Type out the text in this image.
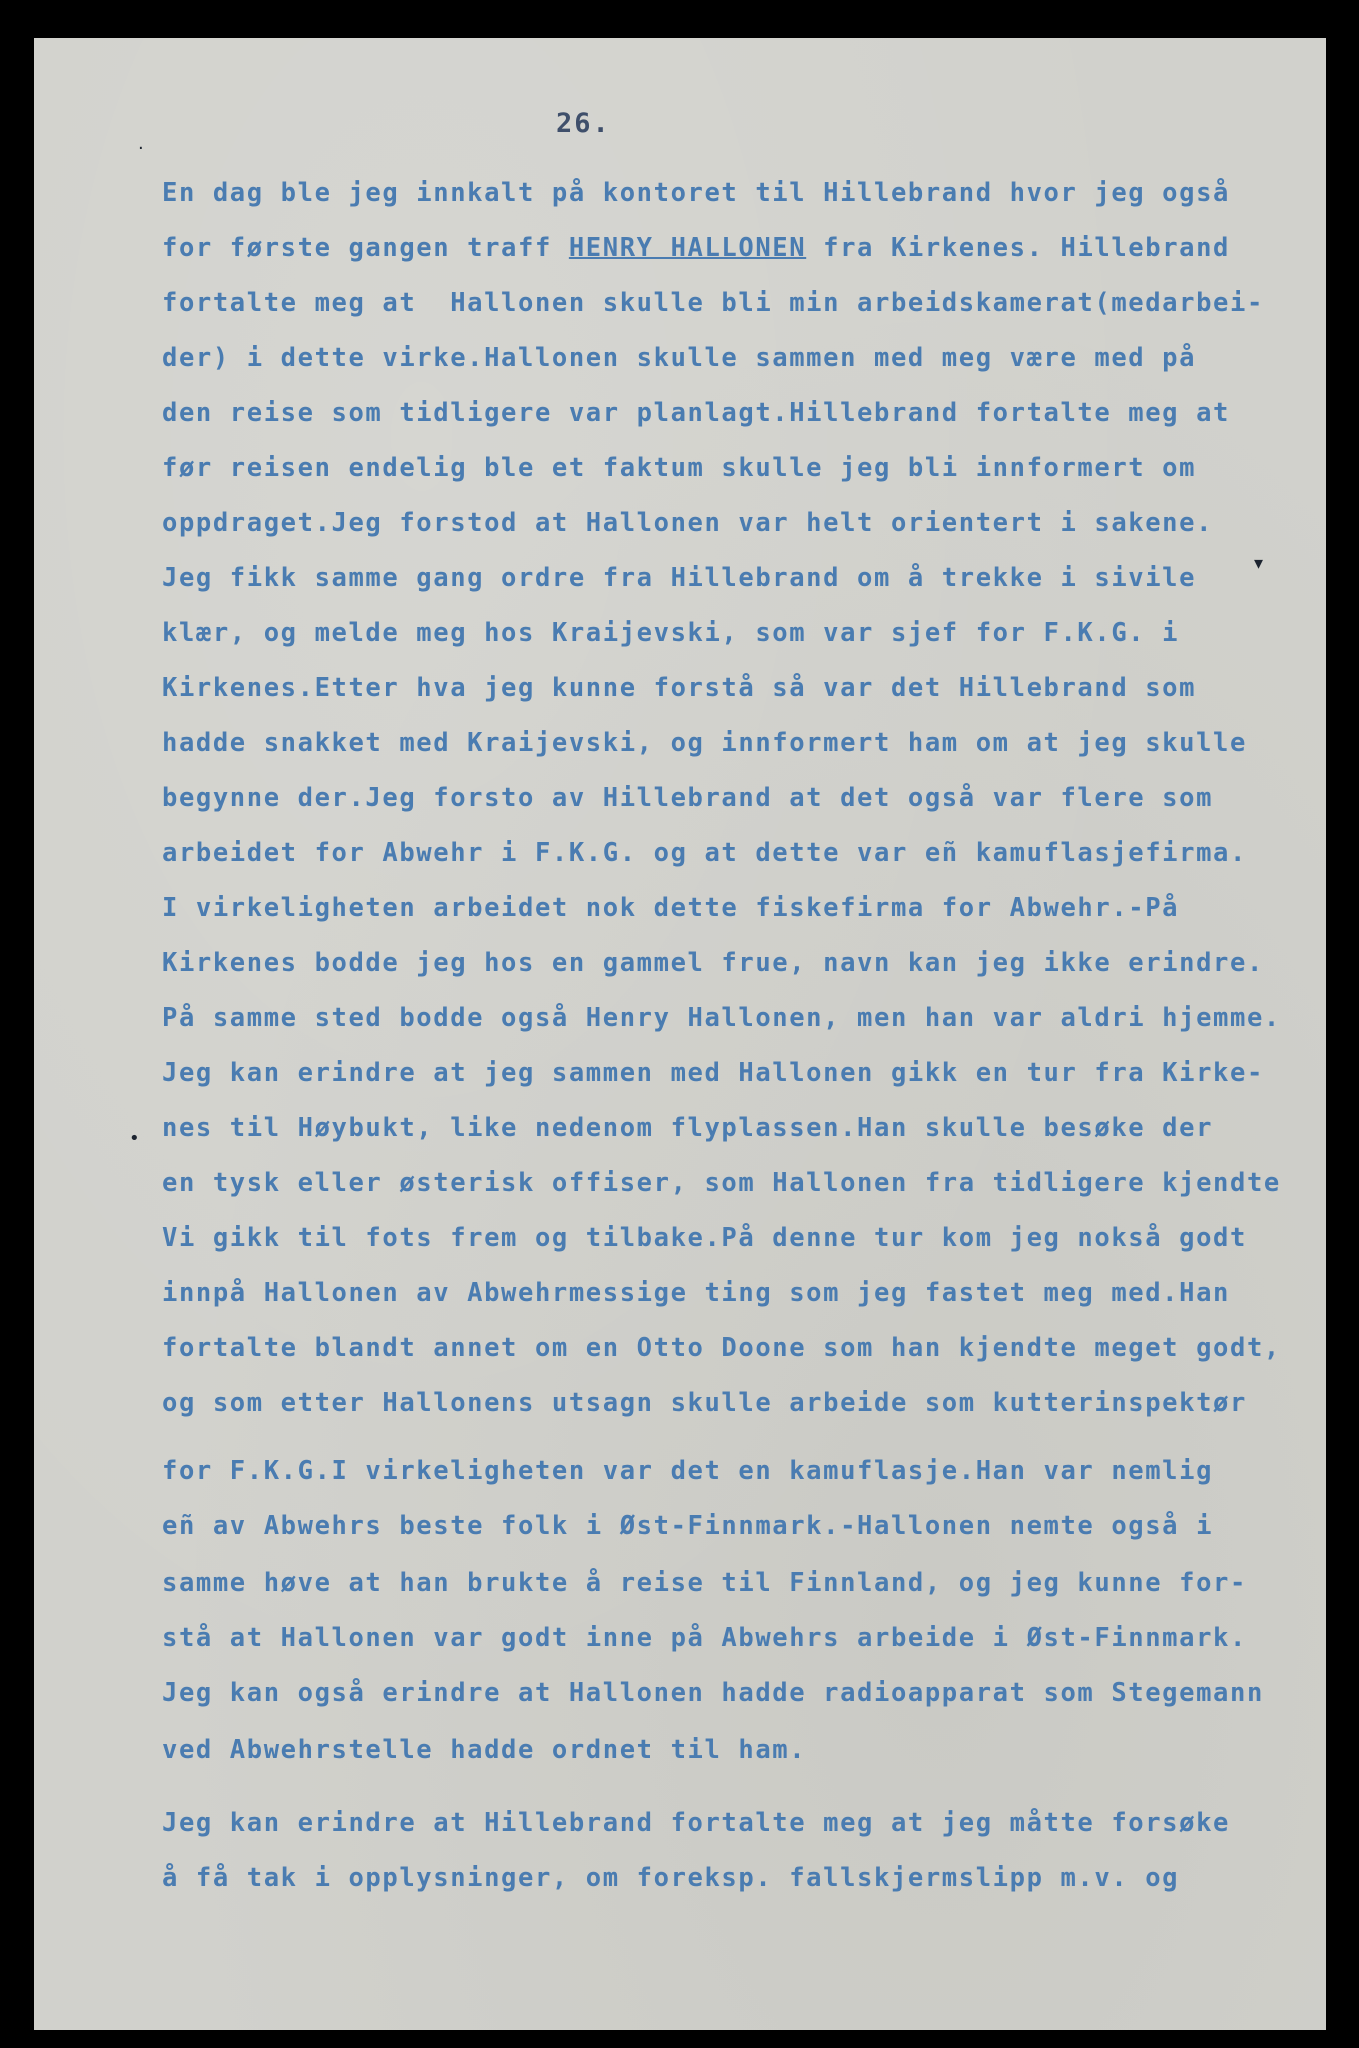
26.
En dag ble jeg innkalt på kontoret til Hillebrand hvor jeg også
for første gangen traff HENRY HALLONEN fra Kirkenes. Hillebrand
fortalte meg at  Hallonen skulle bli min arbeidskamerat(medarbei-
der) i dette virke.Hallonen skulle sammen med meg være med på
den reise som tidligere var planlagt.Hillebrand fortalte meg at
før reisen endelig ble et faktum skulle jeg bli innformert om
oppdraget.Jeg forstod at Hallonen var helt orientert i sakene.
Jeg fikk samme gang ordre fra Hillebrand om å trekke i sivile
klær, og melde meg hos Kraijevski, som var sjef for F.K.G. i
Kirkenes.Etter hva jeg kunne forstå så var det Hillebrand som
hadde snakket med Kraijevski, og innformert ham om at jeg skulle
begynne der.Jeg forsto av Hillebrand at det også var flere som
arbeidet for Abwehr i F.K.G. og at dette var eñ kamuflasjefirma.
I virkeligheten arbeidet nok dette fiskefirma for Abwehr.-På
Kirkenes bodde jeg hos en gammel frue, navn kan jeg ikke erindre.
På samme sted bodde også Henry Hallonen, men han var aldri hjemme.
Jeg kan erindre at jeg sammen med Hallonen gikk en tur fra Kirke-
nes til Høybukt, like nedenom flyplassen.Han skulle besøke der
en tysk eller østerisk offiser, som Hallonen fra tidligere kjendte
Vi gikk til fots frem og tilbake.På denne tur kom jeg nokså godt
innpå Hallonen av Abwehrmessige ting som jeg fastet meg med.Han
fortalte blandt annet om en Otto Doone som han kjendte meget godt,
og som etter Hallonens utsagn skulle arbeide som kutterinspektør
for F.K.G.I virkeligheten var det en kamuflasje.Han var nemlig
eñ av Abwehrs beste folk i Øst-Finnmark.-Hallonen nemte også i
samme høve at han brukte å reise til Finnland, og jeg kunne for-
stå at Hallonen var godt inne på Abwehrs arbeide i Øst-Finnmark.
Jeg kan også erindre at Hallonen hadde radioapparat som Stegemann
ved Abwehrstelle hadde ordnet til ham.
Jeg kan erindre at Hillebrand fortalte meg at jeg måtte forsøke
å få tak i opplysninger, om foreksp. fallskjermslipp m.v. og
·
•
▾
